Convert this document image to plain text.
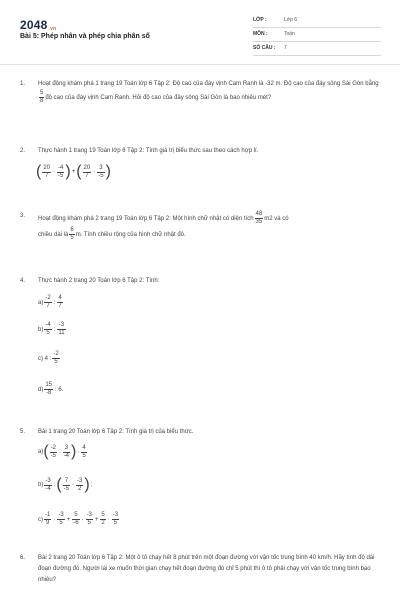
2048.vn
Bài 5: Phép nhân và phép chia phân số
LỚP :	Lớp 6
MÔN :	Toán
SỐ CÂU : 7
1. Hoạt động khám phá 1 trang 19 Toán lớp 6 Tập 2: Độ cao của đáy vịnh Cam Ranh là -32 m. Độ cao của đáy sông Sài Gòn bằng
$\frac{5}{8}$ độ cao của đáy vịnh Cam Ranh. Hỏi độ cao của đáy sông Sài Gòn là bao nhiêu mét?
2. Thực hành 1 trang 19 Toán lớp 6 Tập 2: Tính giá trị biểu thức sau theo cách hợp lí.
( $\frac{20}{7} \cdot \frac{-4}{-5}$ )+( $\frac{20}{7} \cdot \frac{3}{-5}$ )
3.
Hoạt động khám phá 2 trang 19 Toán lớp 6 Tập 2: Một hình chữ nhật có diện tích $\frac{48}{35} m2$ và có
chiều dài là $\frac{6}{5} m$. Tính chiều rộng của hình chữ nhật đó.
4. Thực hành 2 trang 20 Toán lớp 6 Tập 2: Tính:
$a) \frac{-2}{7}$ : $\frac{4}{7}$
$b) \frac{-4}{5}$ : $\frac{-3}{11}$
c) 4 : $\frac{-2}{5}$
$d) \frac{15}{-8}$ : 6.
5. Bài 1 trang 20 Toán lớp 6 Tập 2: Tính giá trị của biểu thức.
$a)( \frac{-2}{-5}$ : $\frac{3}{-4}$ )· $\frac{4}{5}$
$b) \frac{-3}{-4}$ :( $\frac{7}{-5} \cdot \frac{-3}{2}$ );
$c) \frac{-1}{9} \cdot \frac{-3}{5} + \frac{5}{-6} \cdot \frac{-3}{5} + \frac{5}{2} \cdot \frac{-3}{5}$
6. Bài 2 trang 20 Toán lớp 6 Tập 2: Một ô tô chạy hết 8 phút trên một đoạn đường với vận tốc trung bình 40 km/h. Hãy tính độ dài đoạn đường đó. Người lái xe muốn thời gian chạy hết đoạn đường đó chỉ 5 phút thì ô tô phải chạy với vận tốc trung bình bao nhiêu?
